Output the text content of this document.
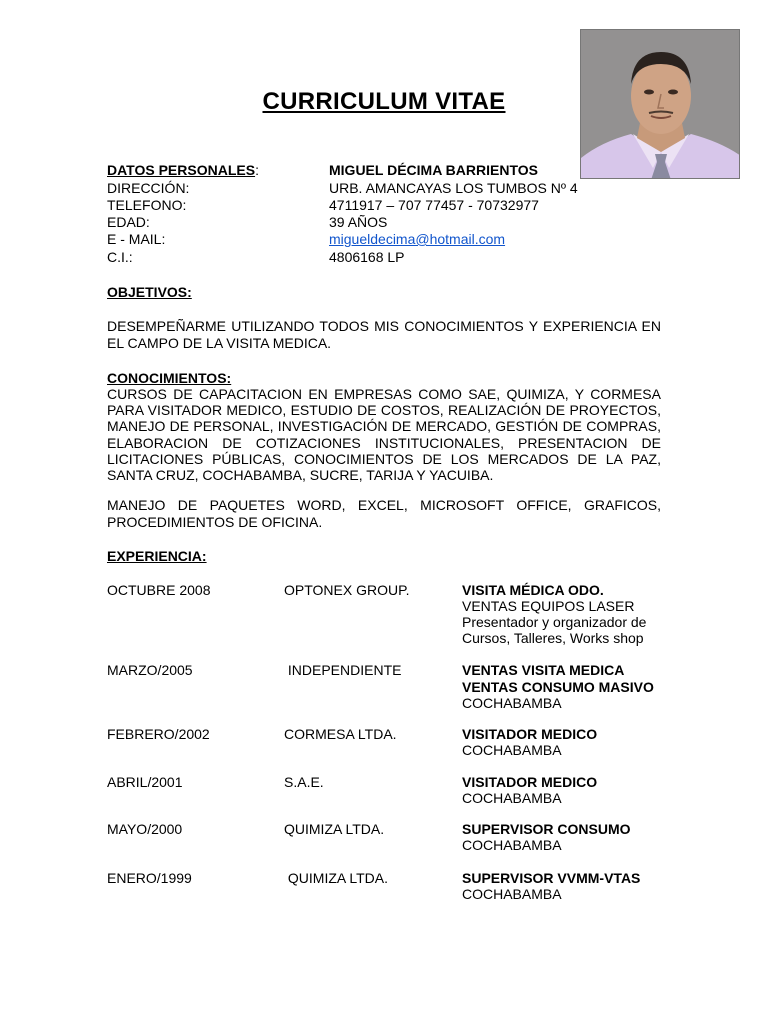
CURRICULUM VITAE
DATOS PERSONALES:	MIGUEL DÉCIMA BARRIENTOS
DIRECCIÓN:	URB. AMANCAYAS LOS TUMBOS Nº 4
TELEFONO:	4711917 – 707 77457 - 70732977
EDAD:	39 AÑOS
E - MAIL:	migueldecima@hotmail.com
C.I.:	4806168 LP
OBJETIVOS:
DESEMPEÑARME UTILIZANDO TODOS MIS CONOCIMIENTOS Y EXPERIENCIA EN EL CAMPO DE LA VISITA MEDICA.
CONOCIMIENTOS:
CURSOS DE CAPACITACION EN EMPRESAS COMO SAE, QUIMIZA, Y CORMESA PARA VISITADOR MEDICO, ESTUDIO DE COSTOS, REALIZACIÓN DE PROYECTOS, MANEJO DE PERSONAL, INVESTIGACIÓN DE MERCADO, GESTIÓN DE COMPRAS, ELABORACION DE COTIZACIONES INSTITUCIONALES, PRESENTACION DE LICITACIONES PÚBLICAS, CONOCIMIENTOS DE LOS MERCADOS DE LA PAZ, SANTA CRUZ, COCHABAMBA, SUCRE, TARIJA Y YACUIBA.
MANEJO DE PAQUETES WORD, EXCEL, MICROSOFT OFFICE, GRAFICOS, PROCEDIMIENTOS DE OFICINA.
EXPERIENCIA:
OCTUBRE 2008	OPTONEX GROUP.	VISITA MÉDICA ODO.
VENTAS EQUIPOS LASER
Presentador y organizador de
Cursos, Talleres, Works shop
MARZO/2005	INDEPENDIENTE	VENTAS VISITA MEDICA
VENTAS CONSUMO MASIVO
COCHABAMBA
FEBRERO/2002	CORMESA LTDA.	VISITADOR MEDICO
COCHABAMBA
ABRIL/2001	S.A.E.	VISITADOR MEDICO
COCHABAMBA
MAYO/2000	QUIMIZA LTDA.	SUPERVISOR CONSUMO
COCHABAMBA
ENERO/1999	QUIMIZA LTDA.	SUPERVISOR VVMM-VTAS
COCHABAMBA
